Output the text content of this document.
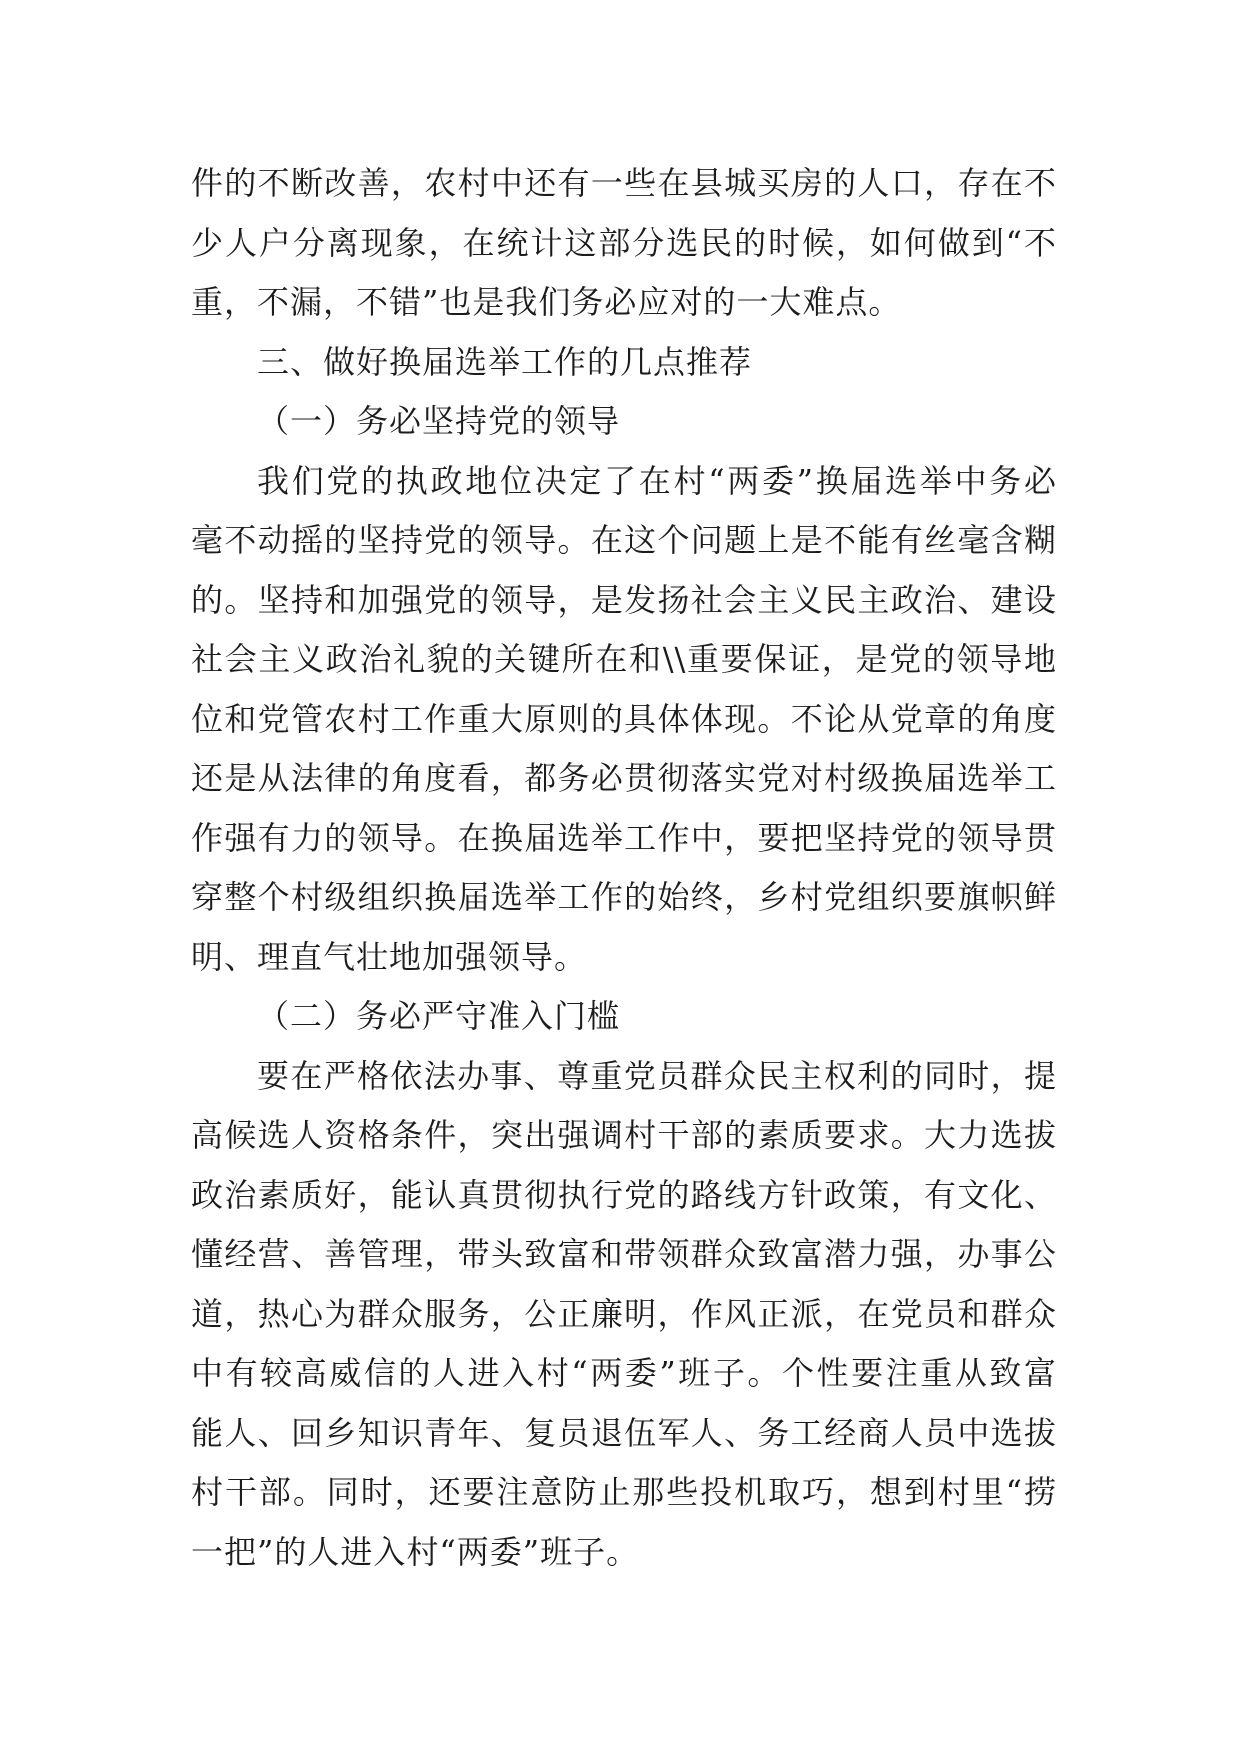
件的不断改善，农村中还有一些在县城买房的人口，存在不
少人户分离现象，在统计这部分选民的时候，如何做到“不
重，不漏，不错”也是我们务必应对的一大难点。
三、做好换届选举工作的几点推荐
（一）务必坚持党的领导
我们党的执政地位决定了在村“两委”换届选举中务必
毫不动摇的坚持党的领导。在这个问题上是不能有丝毫含糊
的。坚持和加强党的领导，是发扬社会主义民主政治、建设
社会主义政治礼貌的关键所在和\\重要保证，是党的领导地
位和党管农村工作重大原则的具体体现。不论从党章的角度
还是从法律的角度看，都务必贯彻落实党对村级换届选举工
作强有力的领导。在换届选举工作中，要把坚持党的领导贯
穿整个村级组织换届选举工作的始终，乡村党组织要旗帜鲜
明、理直气壮地加强领导。
（二）务必严守准入门槛
要在严格依法办事、尊重党员群众民主权利的同时，提
高候选人资格条件，突出强调村干部的素质要求。大力选拔
政治素质好，能认真贯彻执行党的路线方针政策，有文化、
懂经营、善管理，带头致富和带领群众致富潜力强，办事公
道，热心为群众服务，公正廉明，作风正派，在党员和群众
中有较高威信的人进入村“两委”班子。个性要注重从致富
能人、回乡知识青年、复员退伍军人、务工经商人员中选拔
村干部。同时，还要注意防止那些投机取巧，想到村里“捞
一把”的人进入村“两委”班子。
